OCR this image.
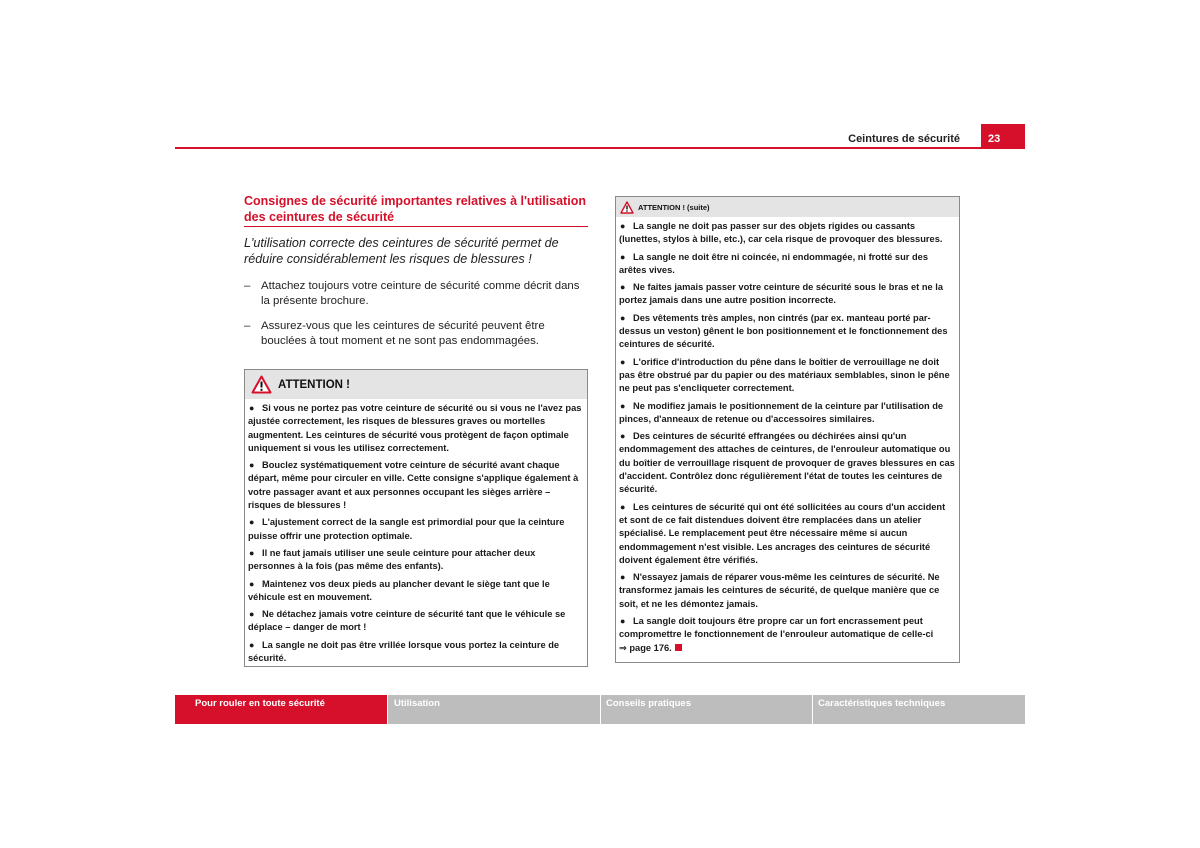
Ceintures de sécurité	23
Consignes de sécurité importantes relatives à l'utilisation des ceintures de sécurité
L'utilisation correcte des ceintures de sécurité permet de réduire considérablement les risques de blessures !
– Attachez toujours votre ceinture de sécurité comme décrit dans la présente brochure.
– Assurez-vous que les ceintures de sécurité peuvent être bouclées à tout moment et ne sont pas endommagées.
ATTENTION !
● Si vous ne portez pas votre ceinture de sécurité ou si vous ne l'avez pas ajustée correctement, les risques de blessures graves ou mortelles augmentent. Les ceintures de sécurité vous protègent de façon optimale uniquement si vous les utilisez correctement.
● Bouclez systématiquement votre ceinture de sécurité avant chaque départ, même pour circuler en ville. Cette consigne s'applique également à votre passager avant et aux personnes occupant les sièges arrière – risques de blessures !
● L'ajustement correct de la sangle est primordial pour que la ceinture puisse offrir une protection optimale.
● Il ne faut jamais utiliser une seule ceinture pour attacher deux personnes à la fois (pas même des enfants).
● Maintenez vos deux pieds au plancher devant le siège tant que le véhicule est en mouvement.
● Ne détachez jamais votre ceinture de sécurité tant que le véhicule se déplace – danger de mort !
● La sangle ne doit pas être vrillée lorsque vous portez la ceinture de sécurité.
ATTENTION ! (suite)
● La sangle ne doit pas passer sur des objets rigides ou cassants (lunettes, stylos à bille, etc.), car cela risque de provoquer des blessures.
● La sangle ne doit être ni coincée, ni endommagée, ni frotté sur des arêtes vives.
● Ne faites jamais passer votre ceinture de sécurité sous le bras et ne la portez jamais dans une autre position incorrecte.
● Des vêtements très amples, non cintrés (par ex. manteau porté par-dessus un veston) gênent le bon positionnement et le fonctionnement des ceintures de sécurité.
● L'orifice d'introduction du pêne dans le boîtier de verrouillage ne doit pas être obstrué par du papier ou des matériaux semblables, sinon le pêne ne peut pas s'encliqueter correctement.
● Ne modifiez jamais le positionnement de la ceinture par l'utilisation de pinces, d'anneaux de retenue ou d'accessoires similaires.
● Des ceintures de sécurité effrangées ou déchirées ainsi qu'un endommagement des attaches de ceintures, de l'enrouleur automatique ou du boîtier de verrouillage risquent de provoquer de graves blessures en cas d'accident. Contrôlez donc régulièrement l'état de toutes les ceintures de sécurité.
● Les ceintures de sécurité qui ont été sollicitées au cours d'un accident et sont de ce fait distendues doivent être remplacées dans un atelier spécialisé. Le remplacement peut être nécessaire même si aucun endommagement n'est visible. Les ancrages des ceintures de sécurité doivent également être vérifiés.
● N'essayez jamais de réparer vous-même les ceintures de sécurité. Ne transformez jamais les ceintures de sécurité, de quelque manière que ce soit, et ne les démontez jamais.
● La sangle doit toujours être propre car un fort encrassement peut compromettre le fonctionnement de l'enrouleur automatique de celle-ci
⇒ page 176.
Pour rouler en toute sécurité	Utilisation	Conseils pratiques	Caractéristiques techniques
